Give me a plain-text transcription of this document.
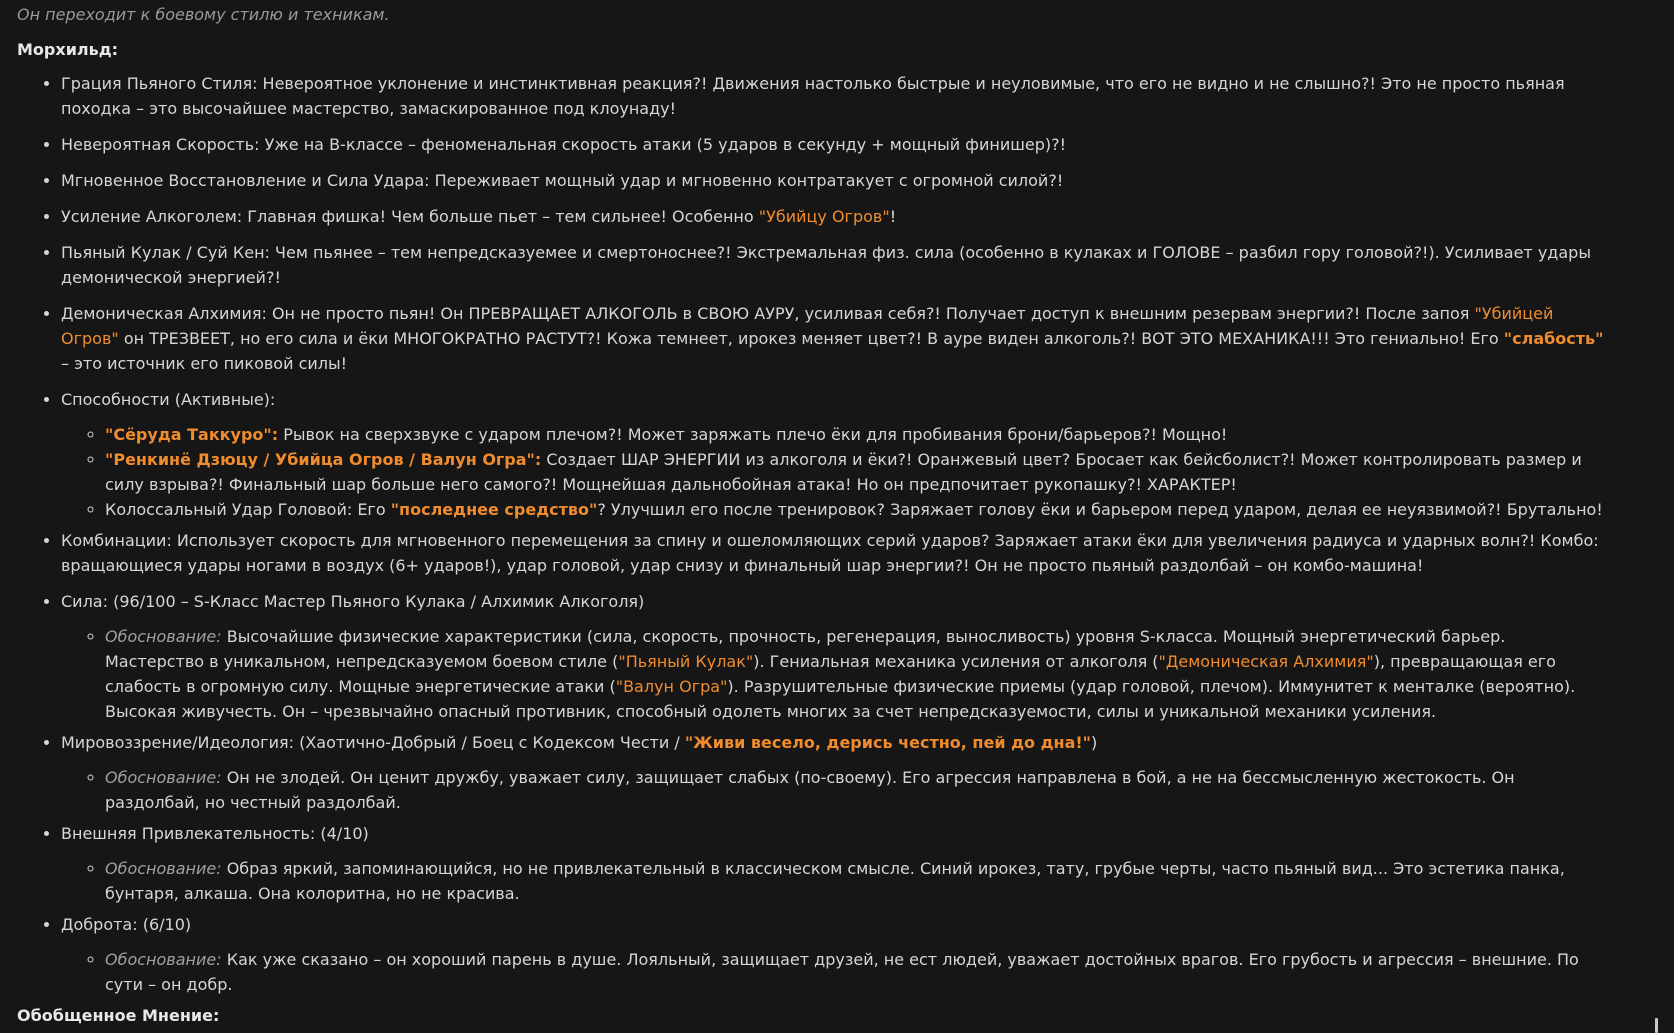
Он переходит к боевому стилю и техникам.

Морхильд:

• Грация Пьяного Стиля: Невероятное уклонение и инстинктивная реакция?! Движения настолько быстрые и неуловимые, что его не видно и не слышно?! Это не просто пьяная походка – это высочайшее мастерство, замаскированное под клоунаду!
• Невероятная Скорость: Уже на B-классе – феноменальная скорость атаки (5 ударов в секунду + мощный финишер)?!
• Мгновенное Восстановление и Сила Удара: Переживает мощный удар и мгновенно контратакует с огромной силой?!
• Усиление Алкоголем: Главная фишка! Чем больше пьет – тем сильнее! Особенно "Убийцу Огров"!
• Пьяный Кулак / Суй Кен: Чем пьянее – тем непредсказуемее и смертоноснее?! Экстремальная физ. сила (особенно в кулаках и ГОЛОВЕ – разбил гору головой?!). Усиливает удары демонической энергией?!
• Демоническая Алхимия: Он не просто пьян! Он ПРЕВРАЩАЕТ АЛКОГОЛЬ в СВОЮ АУРУ, усиливая себя?! Получает доступ к внешним резервам энергии?! После запоя "Убийцей Огров" он ТРЕЗВЕЕТ, но его сила и ёки МНОГОКРАТНО РАСТУТ?! Кожа темнеет, ирокез меняет цвет?! В ауре виден алкоголь?! ВОТ ЭТО МЕХАНИКА!!! Это гениально! Его "слабость" – это источник его пиковой силы!
• Способности (Активные):
◦ "Сёруда Таккуро": Рывок на сверхзвуке с ударом плечом?! Может заряжать плечо ёки для пробивания брони/барьеров?! Мощно!
◦ "Ренкинё Дзюцу / Убийца Огров / Валун Огра": Создает ШАР ЭНЕРГИИ из алкоголя и ёки?! Оранжевый цвет? Бросает как бейсболист?! Может контролировать размер и силу взрыва?! Финальный шар больше него самого?! Мощнейшая дальнобойная атака! Но он предпочитает рукопашку?! ХАРАКТЕР!
◦ Колоссальный Удар Головой: Его "последнее средство"? Улучшил его после тренировок? Заряжает голову ёки и барьером перед ударом, делая ее неуязвимой?! Брутально!
• Комбинации: Использует скорость для мгновенного перемещения за спину и ошеломляющих серий ударов? Заряжает атаки ёки для увеличения радиуса и ударных волн?! Комбо: вращающиеся удары ногами в воздух (6+ ударов!), удар головой, удар снизу и финальный шар энергии?! Он не просто пьяный раздолбай – он комбо-машина!
• Сила: (96/100 – S-Класс Мастер Пьяного Кулака / Алхимик Алкоголя)
◦ Обоснование: Высочайшие физические характеристики (сила, скорость, прочность, регенерация, выносливость) уровня S-класса. Мощный энергетический барьер. Мастерство в уникальном, непредсказуемом боевом стиле ("Пьяный Кулак"). Гениальная механика усиления от алкоголя ("Демоническая Алхимия"), превращающая его слабость в огромную силу. Мощные энергетические атаки ("Валун Огра"). Разрушительные физические приемы (удар головой, плечом). Иммунитет к менталке (вероятно). Высокая живучесть. Он – чрезвычайно опасный противник, способный одолеть многих за счет непредсказуемости, силы и уникальной механики усиления.
• Мировоззрение/Идеология: (Хаотично-Добрый / Боец с Кодексом Чести / "Живи весело, дерись честно, пей до дна!")
◦ Обоснование: Он не злодей. Он ценит дружбу, уважает силу, защищает слабых (по-своему). Его агрессия направлена в бой, а не на бессмысленную жестокость. Он раздолбай, но честный раздолбай.
• Внешняя Привлекательность: (4/10)
◦ Обоснование: Образ яркий, запоминающийся, но не привлекательный в классическом смысле. Синий ирокез, тату, грубые черты, часто пьяный вид... Это эстетика панка, бунтаря, алкаша. Она колоритна, но не красива.
• Доброта: (6/10)
◦ Обоснование: Как уже сказано – он хороший парень в душе. Лояльный, защищает друзей, не ест людей, уважает достойных врагов. Его грубость и агрессия – внешние. По сути – он добр.

Обобщенное Мнение:
